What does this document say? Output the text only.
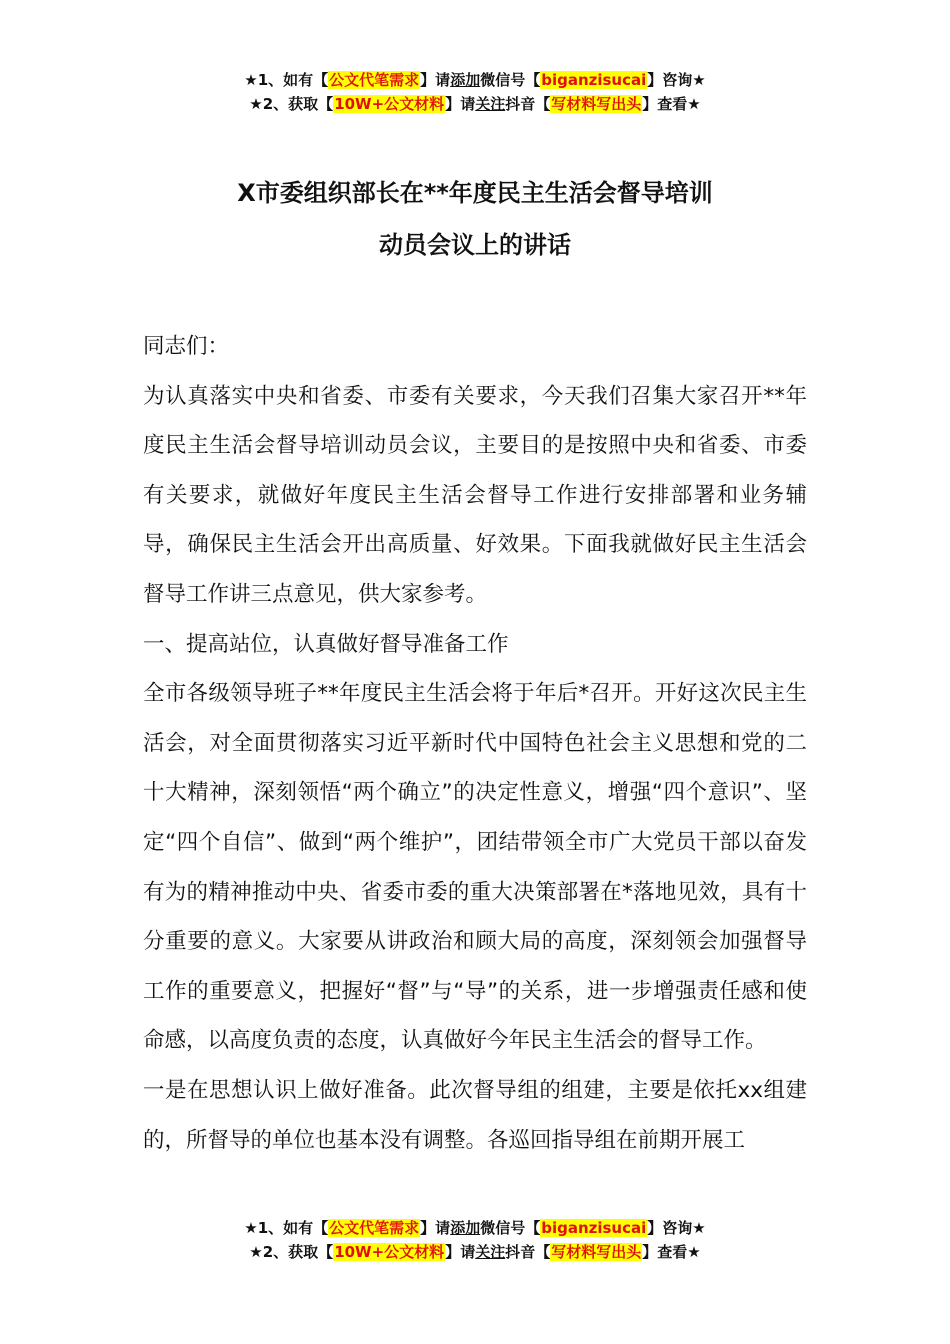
★1、如有【公文代笔需求】请添加微信号【biganzisucai】咨询★
★2、获取【10W+公文材料】请关注抖音【写材料写出头】查看★
X市委组织部长在**年度民主生活会督导培训
动员会议上的讲话

同志们：

为认真落实中央和省委、市委有关要求，今天我们召集大家召开**年度民主生活会督导培训动员会议，主要目的是按照中央和省委、市委有关要求，就做好年度民主生活会督导工作进行安排部署和业务辅导，确保民主生活会开出高质量、好效果。下面我就做好民主生活会督导工作讲三点意见，供大家参考。

一、提高站位，认真做好督导准备工作

全市各级领导班子**年度民主生活会将于年后*召开。开好这次民主生活会，对全面贯彻落实习近平新时代中国特色社会主义思想和党的二十大精神，深刻领悟“两个确立”的决定性意义，增强“四个意识”、坚定“四个自信”、做到“两个维护”，团结带领全市广大党员干部以奋发有为的精神推动中央、省委市委的重大决策部署在*落地见效，具有十分重要的意义。大家要从讲政治和顾大局的高度，深刻领会加强督导工作的重要意义，把握好“督”与“导”的关系，进一步增强责任感和使命感，以高度负责的态度，认真做好今年民主生活会的督导工作。

一是在思想认识上做好准备。此次督导组的组建，主要是依托xx组建的，所督导的单位也基本没有调整。各巡回指导组在前期开展工

★1、如有【公文代笔需求】请添加微信号【biganzisucai】咨询★
★2、获取【10W+公文材料】请关注抖音【写材料写出头】查看★
